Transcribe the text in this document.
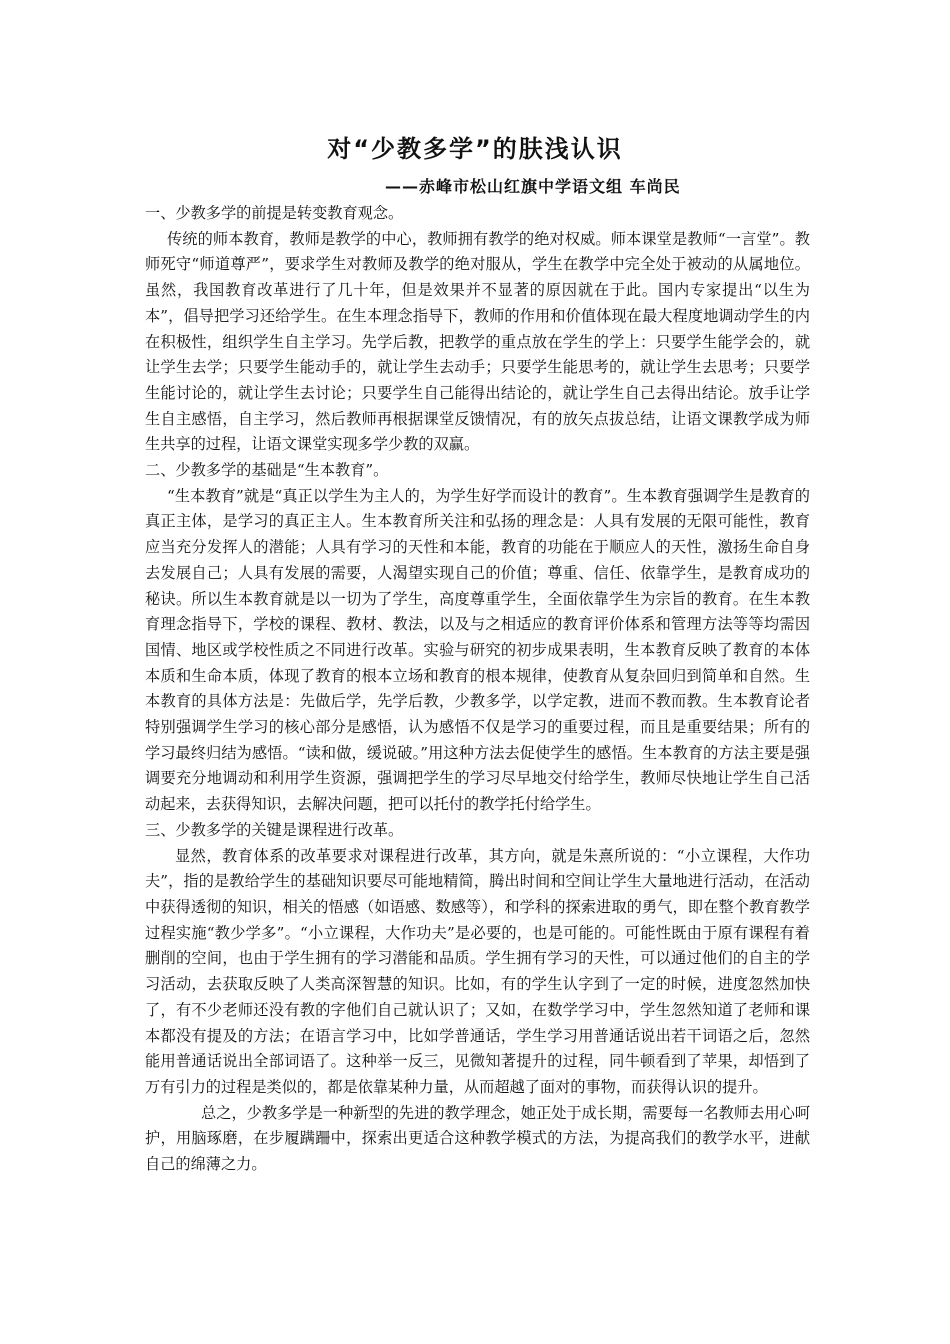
对“少教多学”的肤浅认识
——赤峰市松山红旗中学语文组 车尚民

一、少教多学的前提是转变教育观念。

传统的师本教育，教师是教学的中心，教师拥有教学的绝对权威。师本课堂是教师“一言堂”。教师死守“师道尊严”，要求学生对教师及教学的绝对服从，学生在教学中完全处于被动的从属地位。虽然，我国教育改革进行了几十年，但是效果并不显著的原因就在于此。国内专家提出“以生为本”，倡导把学习还给学生。在生本理念指导下，教师的作用和价值体现在最大程度地调动学生的内在积极性，组织学生自主学习。先学后教，把教学的重点放在学生的学上：只要学生能学会的，就让学生去学；只要学生能动手的，就让学生去动手；只要学生能思考的，就让学生去思考；只要学生能讨论的，就让学生去讨论；只要学生自己能得出结论的，就让学生自己去得出结论。放手让学生自主感悟，自主学习，然后教师再根据课堂反馈情况，有的放矢点拔总结，让语文课教学成为师生共享的过程，让语文课堂实现多学少教的双赢。

二、少教多学的基础是“生本教育”。

“生本教育”就是“真正以学生为主人的，为学生好学而设计的教育”。生本教育强调学生是教育的真正主体，是学习的真正主人。生本教育所关注和弘扬的理念是：人具有发展的无限可能性，教育应当充分发挥人的潜能；人具有学习的天性和本能，教育的功能在于顺应人的天性，激扬生命自身去发展自己；人具有发展的需要，人渴望实现自己的价值；尊重、信任、依靠学生，是教育成功的秘诀。所以生本教育就是以一切为了学生，高度尊重学生，全面依靠学生为宗旨的教育。在生本教育理念指导下，学校的课程、教材、教法，以及与之相适应的教育评价体系和管理方法等等均需因国情、地区或学校性质之不同进行改革。实验与研究的初步成果表明，生本教育反映了教育的本体本质和生命本质，体现了教育的根本立场和教育的根本规律，使教育从复杂回归到简单和自然。生本教育的具体方法是：先做后学，先学后教，少教多学，以学定教，进而不教而教。生本教育论者特别强调学生学习的核心部分是感悟，认为感悟不仅是学习的重要过程，而且是重要结果；所有的学习最终归结为感悟。“读和做，缓说破。”用这种方法去促使学生的感悟。生本教育的方法主要是强调要充分地调动和利用学生资源，强调把学生的学习尽早地交付给学生，教师尽快地让学生自己活动起来，去获得知识，去解决问题，把可以托付的教学托付给学生。

三、少教多学的关键是课程进行改革。

显然，教育体系的改革要求对课程进行改革，其方向，就是朱熹所说的：“小立课程，大作功夫”，指的是教给学生的基础知识要尽可能地精简，腾出时间和空间让学生大量地进行活动，在活动中获得透彻的知识，相关的悟感（如语感、数感等），和学科的探索进取的勇气，即在整个教育教学过程实施“教少学多”。“小立课程，大作功夫”是必要的，也是可能的。可能性既由于原有课程有着删削的空间，也由于学生拥有的学习潜能和品质。学生拥有学习的天性，可以通过他们的自主的学习活动，去获取反映了人类高深智慧的知识。比如，有的学生认字到了一定的时候，进度忽然加快了，有不少老师还没有教的字他们自己就认识了；又如，在数学学习中，学生忽然知道了老师和课本都没有提及的方法；在语言学习中，比如学普通话，学生学习用普通话说出若干词语之后，忽然能用普通话说出全部词语了。这种举一反三，见微知著提升的过程，同牛顿看到了苹果，却悟到了万有引力的过程是类似的，都是依靠某种力量，从而超越了面对的事物，而获得认识的提升。

总之，少教多学是一种新型的先进的教学理念，她正处于成长期，需要每一名教师去用心呵护，用脑琢磨，在步履蹒跚中，探索出更适合这种教学模式的方法，为提高我们的教学水平，进献自己的绵薄之力。
